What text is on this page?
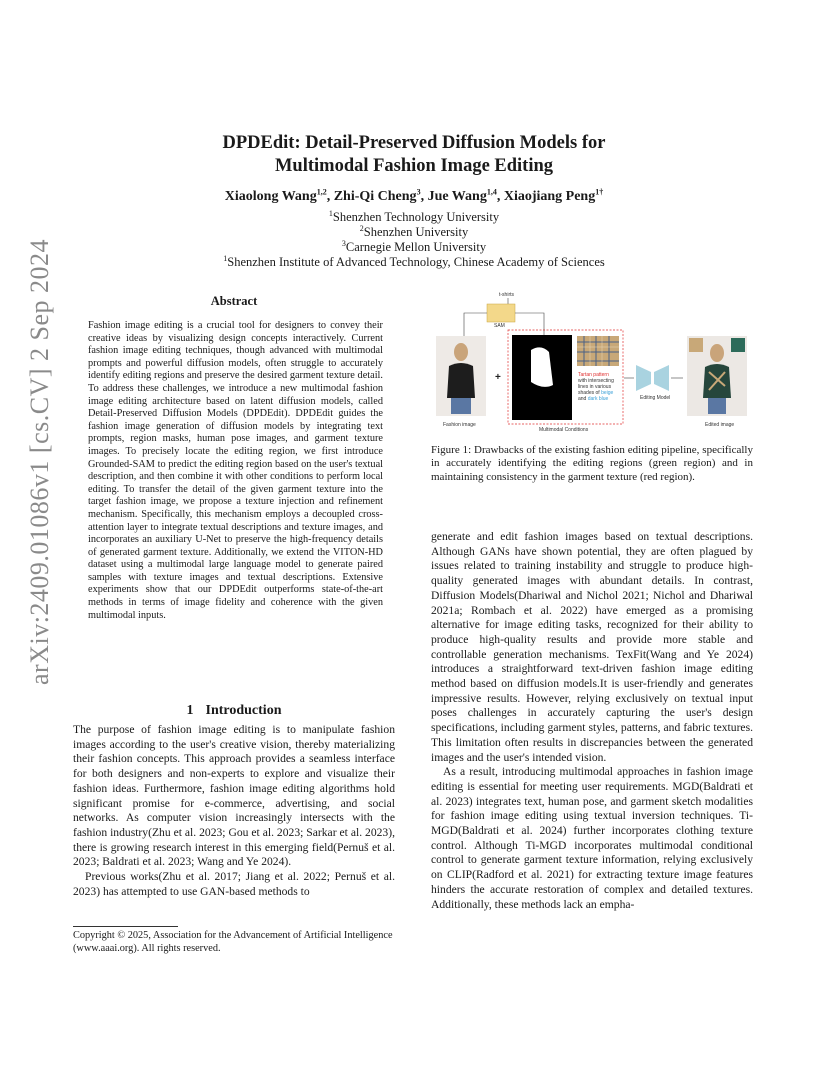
arXiv:2409.01086v1 [cs.CV] 2 Sep 2024
DPDEdit: Detail-Preserved Diffusion Models for
Multimodal Fashion Image Editing
Xiaolong Wang$^{1,2}$, Zhi-Qi Cheng$^3$, Jue Wang$^{1,4}$, Xiaojiang Peng$^{1\dagger}$
$^1$Shenzhen Technology University
$^2$Shenzhen University
$^3$Carnegie Mellon University
$^1$Shenzhen Institute of Advanced Technology, Chinese Academy of Sciences
Abstract
Fashion image editing is a crucial tool for designers to convey their creative ideas by visualizing design concepts interactively. Current fashion image editing techniques, though advanced with multimodal prompts and powerful diffusion models, often struggle to accurately identify editing regions and preserve the desired garment texture detail. To address these challenges, we introduce a new multimodal fashion image editing architecture based on latent diffusion models, called Detail-Preserved Diffusion Models (DPDEdit). DPDEdit guides the fashion image generation of diffusion models by integrating text prompts, region masks, human pose images, and garment texture images. To precisely locate the editing region, we first introduce Grounded-SAM to predict the editing region based on the user's textual description, and then combine it with other conditions to perform local editing. To transfer the detail of the given garment texture into the target fashion image, we propose a texture injection and refinement mechanism. Specifically, this mechanism employs a decoupled cross-attention layer to integrate textual descriptions and texture images, and incorporates an auxiliary U-Net to preserve the high-frequency details of generated garment texture. Additionally, we extend the VITON-HD dataset using a multimodal large language model to generate paired samples with texture images and textual descriptions. Extensive experiments show that our DPDEdit outperforms state-of-the-art methods in terms of image fidelity and coherence with the given multimodal inputs.
1 Introduction

The purpose of fashion image editing is to manipulate fashion images according to the user's creative vision, thereby materializing their fashion concepts. This approach provides a seamless interface for both designers and non-experts to explore and visualize their fashion ideas. Furthermore, fashion image editing algorithms hold significant promise for e-commerce, advertising, and social networks. As computer vision increasingly intersects with the fashion industry(Zhu et al. 2023; Gou et al. 2023; Sarkar et al. 2023), there is growing research interest in this emerging field(Pernuš et al. 2023; Baldrati et al. 2023; Wang and Ye 2024).

Previous works(Zhu et al. 2017; Jiang et al. 2022; Pernuš et al. 2023) has attempted to use GAN-based methods to

Copyright © 2025, Association for the Advancement of Artificial Intelligence (www.aaai.org). All rights reserved.
t-shirts
SAM
Fashion image
+	Tartan pattern
with intersecting
lines in various
shades of beige
and dark blue
Multimodal Conditions
Editing Model
Edited image
Figure 1: Drawbacks of the existing fashion editing pipeline, specifically in accurately identifying the editing regions (green region) and in maintaining consistency in the garment texture (red region).

generate and edit fashion images based on textual descriptions. Although GANs have shown potential, they are often plagued by issues related to training instability and struggle to produce high-quality generated images with abundant details. In contrast, Diffusion Models(Dhariwal and Nichol 2021; Nichol and Dhariwal 2021a; Rombach et al. 2022) have emerged as a promising alternative for image editing tasks, recognized for their ability to produce high-quality results and provide more stable and controllable generation mechanisms. TexFit(Wang and Ye 2024) introduces a straightforward text-driven fashion image editing method based on diffusion models.It is user-friendly and generates impressive results. However, relying exclusively on textual input poses challenges in accurately capturing the user's design specifications, including garment styles, patterns, and fabric textures. This limitation often results in discrepancies between the generated images and the user's intended vision.

As a result, introducing multimodal approaches in fashion image editing is essential for meeting user requirements. MGD(Baldrati et al. 2023) integrates text, human pose, and garment sketch modalities for fashion image editing using textual inversion techniques. Ti-MGD(Baldrati et al. 2024) further incorporates clothing texture control. Although Ti-MGD incorporates multimodal conditional control to generate garment texture information, relying exclusively on CLIP(Radford et al. 2021) for extracting texture image features hinders the accurate restoration of complex and detailed textures. Additionally, these methods lack an empha-
